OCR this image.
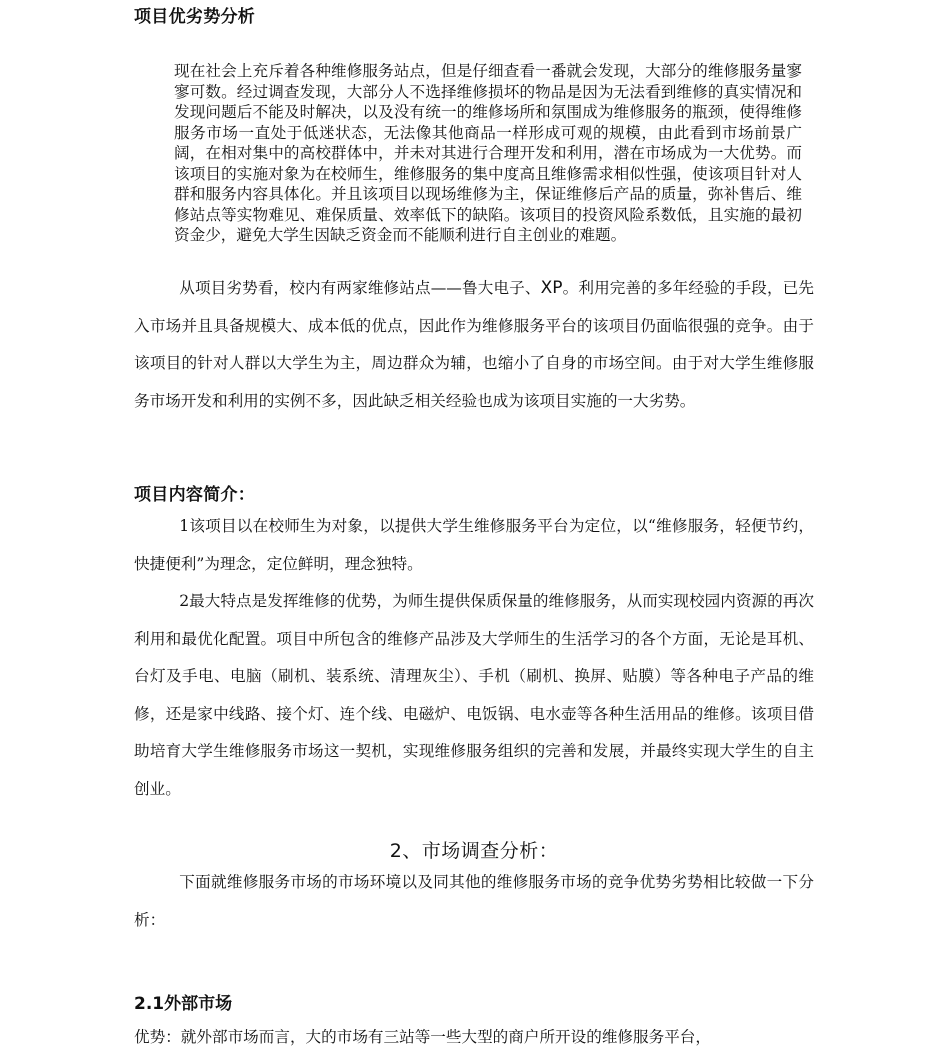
项目优劣势分析

现在社会上充斥着各种维修服务站点，但是仔细查看一番就会发现，大部分的维修服务量寥寥可数。经过调查发现，大部分人不选择维修损坏的物品是因为无法看到维修的真实情况和发现问题后不能及时解决，以及没有统一的维修场所和氛围成为维修服务的瓶颈，使得维修服务市场一直处于低迷状态，无法像其他商品一样形成可观的规模，由此看到市场前景广阔，在相对集中的高校群体中，并未对其进行合理开发和利用，潜在市场成为一大优势。而该项目的实施对象为在校师生，维修服务的集中度高且维修需求相似性强，使该项目针对人群和服务内容具体化。并且该项目以现场维修为主，保证维修后产品的质量，弥补售后、维修站点等实物难见、难保质量、效率低下的缺陷。该项目的投资风险系数低，且实施的最初资金少，避免大学生因缺乏资金而不能顺利进行自主创业的难题。

从项目劣势看，校内有两家维修站点——鲁大电子、XP。利用完善的多年经验的手段，已先入市场并且具备规模大、成本低的优点，因此作为维修服务平台的该项目仍面临很强的竞争。由于该项目的针对人群以大学生为主，周边群众为辅，也缩小了自身的市场空间。由于对大学生维修服务市场开发和利用的实例不多，因此缺乏相关经验也成为该项目实施的一大劣势。

项目内容简介：

1该项目以在校师生为对象，以提供大学生维修服务平台为定位，以“维修服务，轻便节约，快捷便利”为理念，定位鲜明，理念独特。

2最大特点是发挥维修的优势，为师生提供保质保量的维修服务，从而实现校园内资源的再次利用和最优化配置。项目中所包含的维修产品涉及大学师生的生活学习的各个方面，无论是耳机、台灯及手电、电脑（刷机、装系统、清理灰尘）、手机（刷机、换屏、贴膜）等各种电子产品的维修，还是家中线路、接个灯、连个线、电磁炉、电饭锅、电水壶等各种生活用品的维修。该项目借助培育大学生维修服务市场这一契机，实现维修服务组织的完善和发展，并最终实现大学生的自主创业。

2、市场调查分析：

下面就维修服务市场的市场环境以及同其他的维修服务市场的竞争优势劣势相比较做一下分析：

2.1外部市场

优势：就外部市场而言，大的市场有三站等一些大型的商户所开设的维修服务平台，
